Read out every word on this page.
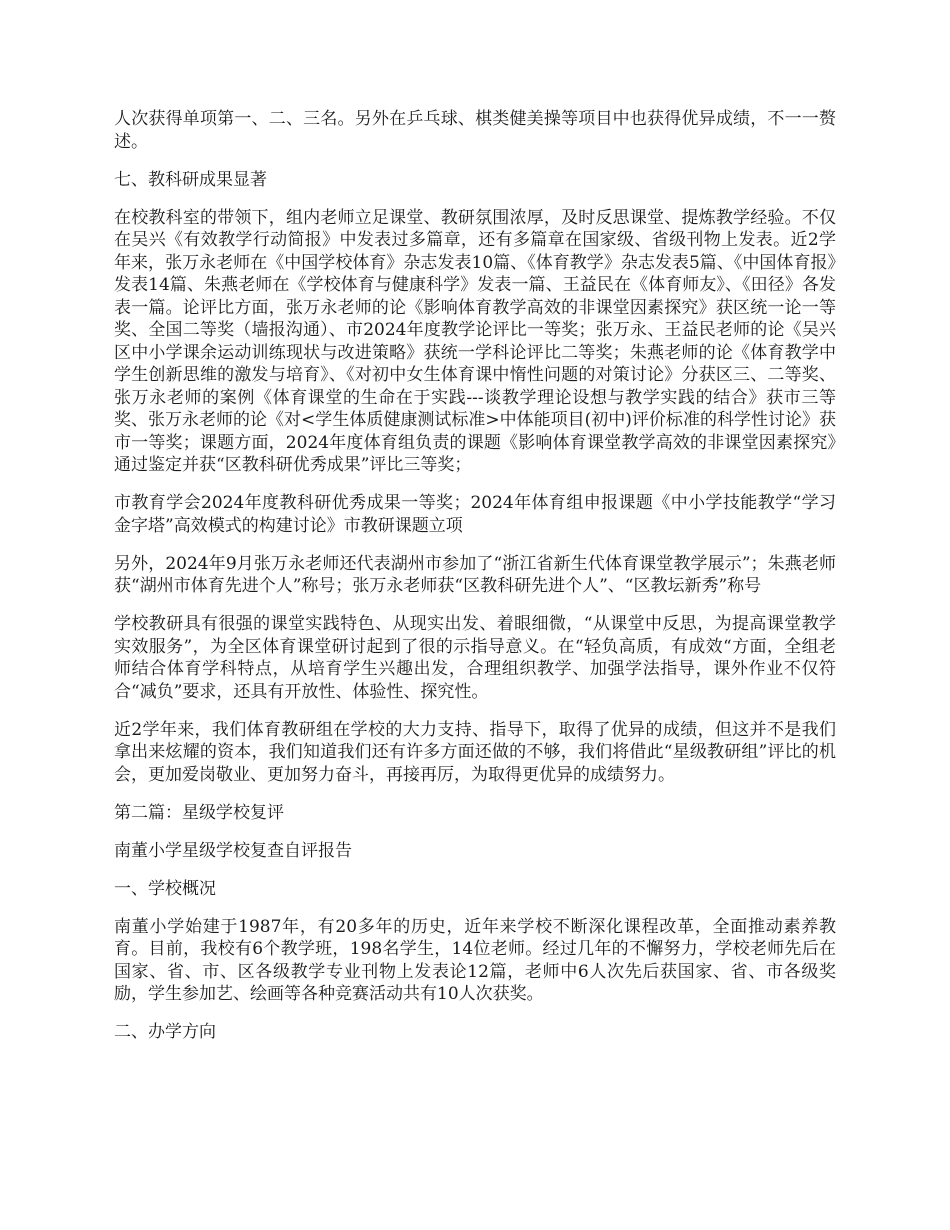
人次获得单项第一、二、三名。另外在乒乓球、棋类健美操等项目中也获得优异成绩，不一一赘述。

七、教科研成果显著

在校教科室的带领下，组内老师立足课堂、教研氛围浓厚，及时反思课堂、提炼教学经验。不仅在吴兴《有效教学行动简报》中发表过多篇章，还有多篇章在国家级、省级刊物上发表。近2学年来，张万永老师在《中国学校体育》杂志发表10篇、《体育教学》杂志发表5篇、《中国体育报》发表14篇、朱燕老师在《学校体育与健康科学》发表一篇、王益民在《体育师友》、《田径》各发表一篇。论评比方面，张万永老师的论《影响体育教学高效的非课堂因素探究》获区统一论一等奖、全国二等奖（墙报沟通）、市2024年度教学论评比一等奖；张万永、王益民老师的论《吴兴区中小学课余运动训练现状与改进策略》获统一学科论评比二等奖；朱燕老师的论《体育教学中学生创新思维的激发与培育》、《对初中女生体育课中惰性问题的对策讨论》分获区三、二等奖、张万永老师的案例《体育课堂的生命在于实践---谈教学理论设想与教学实践的结合》获市三等奖、张万永老师的论《对<学生体质健康测试标准>中体能项目(初中)评价标准的科学性讨论》获市一等奖；课题方面，2024年度体育组负责的课题《影响体育课堂教学高效的非课堂因素探究》通过鉴定并获“区教科研优秀成果”评比三等奖；

市教育学会2024年度教科研优秀成果一等奖；2024年体育组申报课题《中小学技能教学“学习金字塔”高效模式的构建讨论》市教研课题立项

另外，2024年9月张万永老师还代表湖州市参加了“浙江省新生代体育课堂教学展示”；朱燕老师获“湖州市体育先进个人”称号；张万永老师获“区教科研先进个人”、“区教坛新秀”称号

学校教研具有很强的课堂实践特色、从现实出发、着眼细微，“从课堂中反思，为提高课堂教学实效服务”，为全区体育课堂研讨起到了很的示指导意义。在“轻负高质，有成效“方面，全组老师结合体育学科特点，从培育学生兴趣出发，合理组织教学、加强学法指导，课外作业不仅符合“减负”要求，还具有开放性、体验性、探究性。

近2学年来，我们体育教研组在学校的大力支持、指导下，取得了优异的成绩，但这并不是我们拿出来炫耀的资本，我们知道我们还有许多方面还做的不够，我们将借此“星级教研组”评比的机会，更加爱岗敬业、更加努力奋斗，再接再厉，为取得更优异的成绩努力。

第二篇：星级学校复评

南董小学星级学校复查自评报告

一、学校概况

南董小学始建于1987年，有20多年的历史，近年来学校不断深化课程改革，全面推动素养教育。目前，我校有6个教学班，198名学生，14位老师。经过几年的不懈努力，学校老师先后在国家、省、市、区各级教学专业刊物上发表论12篇，老师中6人次先后获国家、省、市各级奖励，学生参加艺、绘画等各种竞赛活动共有10人次获奖。

二、办学方向
